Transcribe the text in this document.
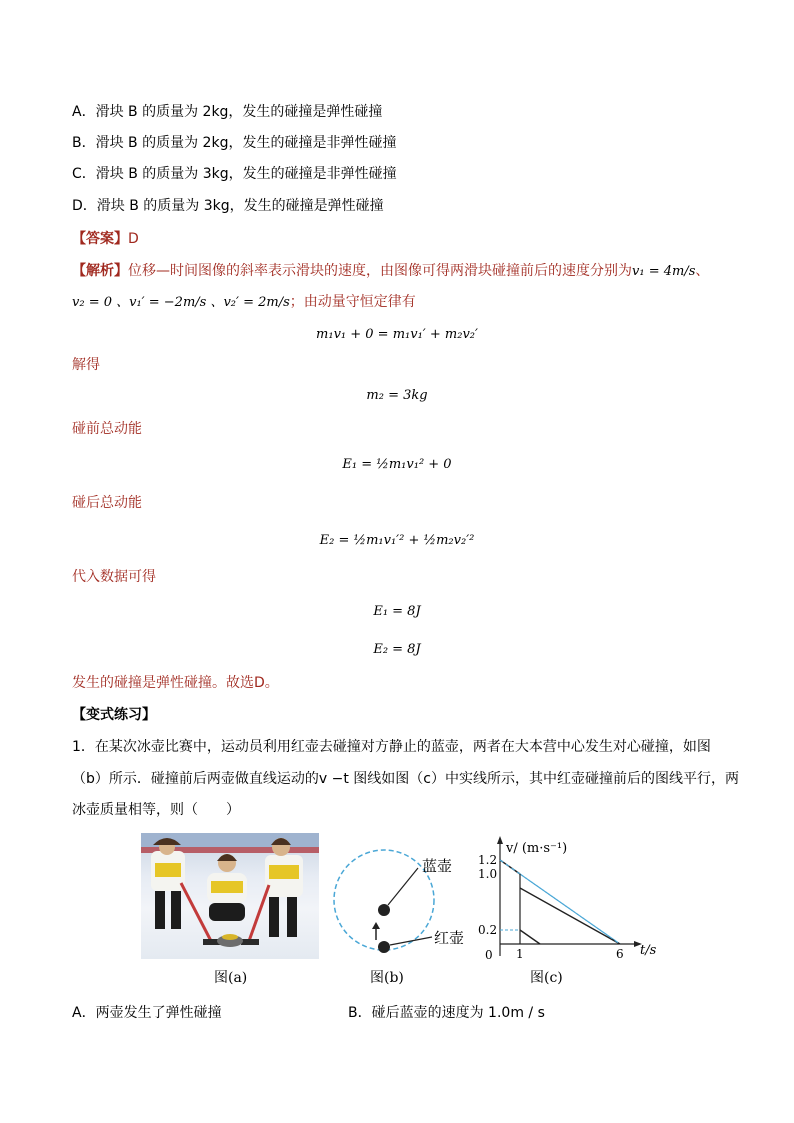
A．滑块 B 的质量为 2kg，发生的碰撞是弹性碰撞
B．滑块 B 的质量为 2kg，发生的碰撞是非弹性碰撞
C．滑块 B 的质量为 3kg，发生的碰撞是非弹性碰撞
D．滑块 B 的质量为 3kg，发生的碰撞是弹性碰撞
【答案】D
【解析】位移—时间图像的斜率表示滑块的速度，由图像可得两滑块碰撞前后的速度分别为v₁ = 4m/s、
v₂ = 0 、v₁′ = −2m/s 、v₂′ = 2m/s；由动量守恒定律有
m₁v₁ + 0 = m₁v₁′ + m₂v₂′
解得
m₂ = 3kg
碰前总动能
E₁ = ½m₁v₁² + 0
碰后总动能
E₂ = ½m₁v₁′² + ½m₂v₂′²
代入数据可得
E₁ = 8J
E₂ = 8J
发生的碰撞是弹性碰撞。故选D。
【变式练习】
1．在某次冰壶比赛中，运动员利用红壶去碰撞对方静止的蓝壶，两者在大本营中心发生对心碰撞，如图
（b）所示．碰撞前后两壶做直线运动的v −t 图线如图（c）中实线所示，其中红壶碰撞前后的图线平行，两
冰壶质量相等，则（　　）
图(a)
蓝壶
红壶
图(b)
v/ (m·s⁻¹)
t/s
0
0.2
1.0
1.2
1	6
图(c)
A．两壶发生了弹性碰撞	B．碰后蓝壶的速度为 1.0m / s
